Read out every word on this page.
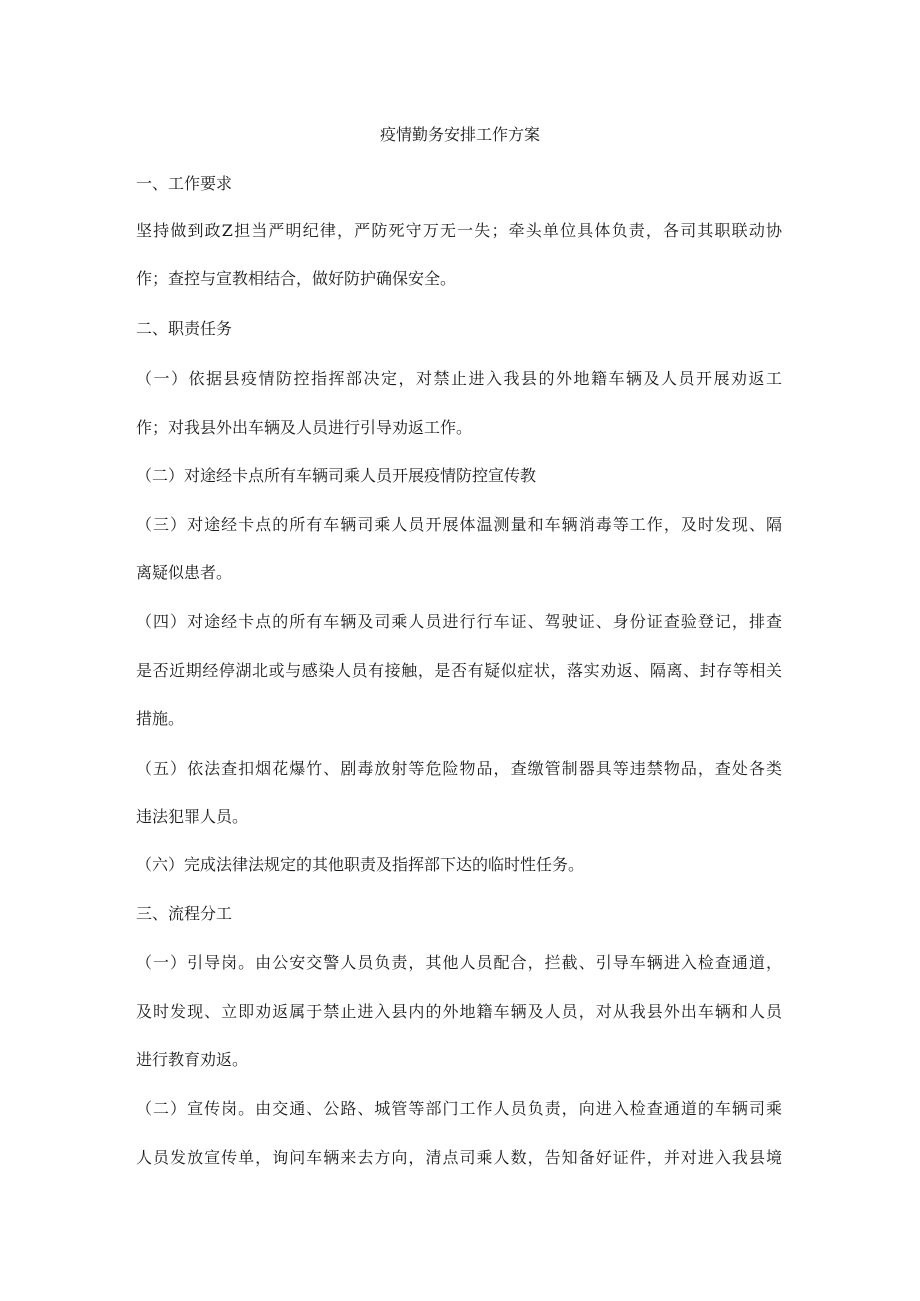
疫情勤务安排工作方案
一、工作要求
坚持做到政Z担当严明纪律，严防死守万无一失；牵头单位具体负责，各司其职联动协
作；查控与宣教相结合，做好防护确保安全。
二、职责任务
（一）依据县疫情防控指挥部决定，对禁止进入我县的外地籍车辆及人员开展劝返工
作；对我县外出车辆及人员进行引导劝返工作。
（二）对途经卡点所有车辆司乘人员开展疫情防控宣传教
（三）对途经卡点的所有车辆司乘人员开展体温测量和车辆消毒等工作，及时发现、隔
离疑似患者。
（四）对途经卡点的所有车辆及司乘人员进行行车证、驾驶证、身份证查验登记，排查
是否近期经停湖北或与感染人员有接触，是否有疑似症状，落实劝返、隔离、封存等相关
措施。
（五）依法查扣烟花爆竹、剧毒放射等危险物品，查缴管制器具等违禁物品，查处各类
违法犯罪人员。
（六）完成法律法规定的其他职责及指挥部下达的临时性任务。
三、流程分工
（一）引导岗。由公安交警人员负责，其他人员配合，拦截、引导车辆进入检查通道，
及时发现、立即劝返属于禁止进入县内的外地籍车辆及人员，对从我县外出车辆和人员
进行教育劝返。
（二）宣传岗。由交通、公路、城管等部门工作人员负责，向进入检查通道的车辆司乘
人员发放宣传单，询问车辆来去方向，清点司乘人数，告知备好证件，并对进入我县境
